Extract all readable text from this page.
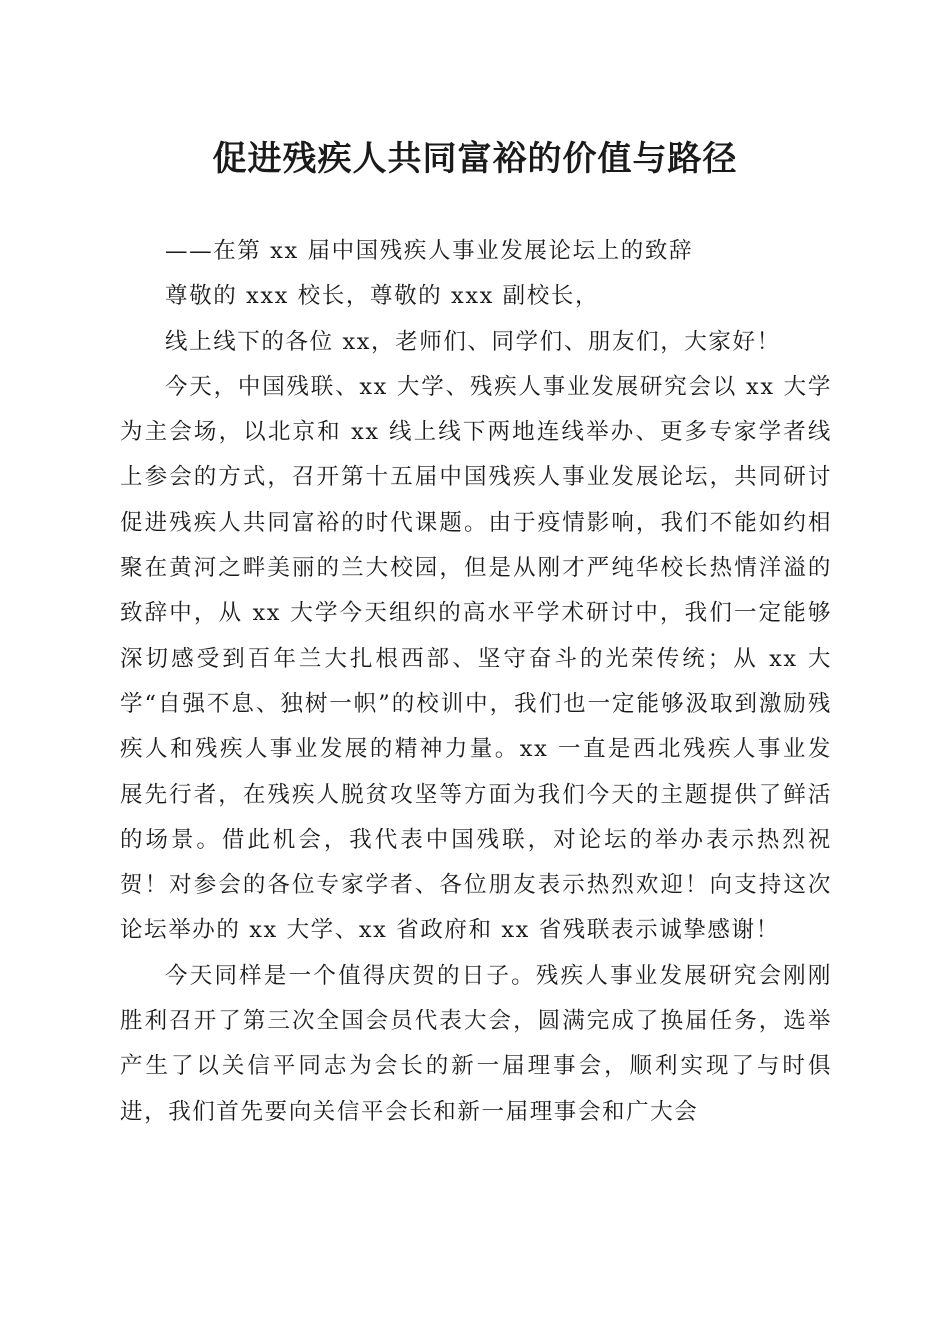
促进残疾人共同富裕的价值与路径

——在第 xx 届中国残疾人事业发展论坛上的致辞

尊敬的 xxx 校长，尊敬的 xxx 副校长，

线上线下的各位 xx，老师们、同学们、朋友们，大家好！

今天，中国残联、xx 大学、残疾人事业发展研究会以 xx 大学为主会场，以北京和 xx 线上线下两地连线举办、更多专家学者线上参会的方式，召开第十五届中国残疾人事业发展论坛，共同研讨促进残疾人共同富裕的时代课题。由于疫情影响，我们不能如约相聚在黄河之畔美丽的兰大校园，但是从刚才严纯华校长热情洋溢的致辞中，从 xx 大学今天组织的高水平学术研讨中，我们一定能够深切感受到百年兰大扎根西部、坚守奋斗的光荣传统；从 xx 大学“自强不息、独树一帜”的校训中，我们也一定能够汲取到激励残疾人和残疾人事业发展的精神力量。xx 一直是西北残疾人事业发展先行者，在残疾人脱贫攻坚等方面为我们今天的主题提供了鲜活的场景。借此机会，我代表中国残联，对论坛的举办表示热烈祝贺！对参会的各位专家学者、各位朋友表示热烈欢迎！向支持这次论坛举办的 xx 大学、xx 省政府和 xx 省残联表示诚挚感谢！

今天同样是一个值得庆贺的日子。残疾人事业发展研究会刚刚胜利召开了第三次全国会员代表大会，圆满完成了换届任务，选举产生了以关信平同志为会长的新一届理事会，顺利实现了与时俱进，我们首先要向关信平会长和新一届理事会和广大会
